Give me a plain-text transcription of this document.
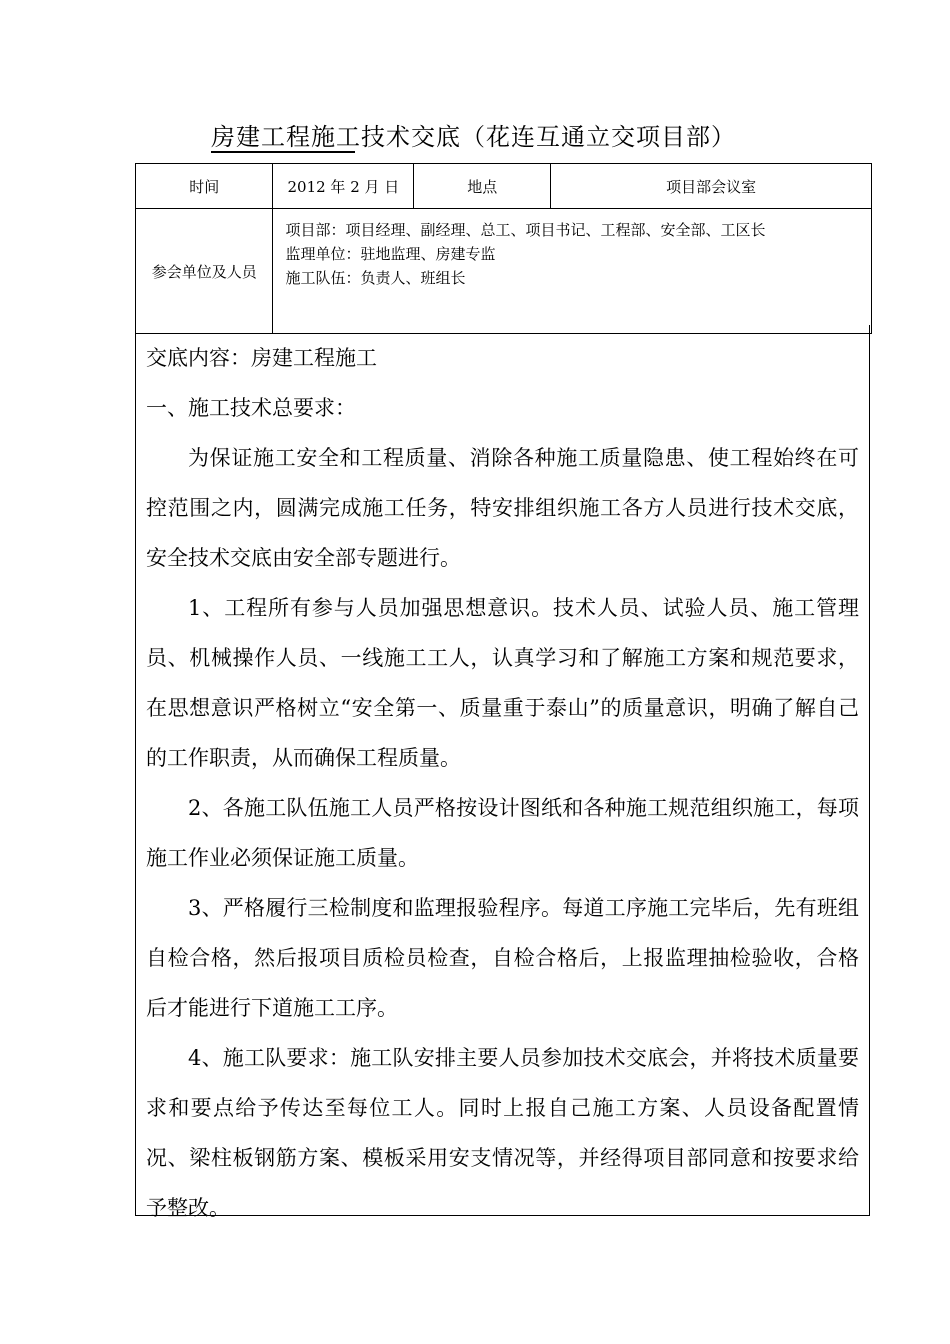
房建工程施工技术交底（花连互通立交项目部）
时间	2012 年 2 月 日	地点	项目部会议室
参会单位及人员	项目部：项目经理、副经理、总工、项目书记、工程部、安全部、工区长
监理单位：驻地监理、房建专监
施工队伍：负责人、班组长		

交底内容：房建工程施工

一、施工技术总要求：

为保证施工安全和工程质量、消除各种施工质量隐患、使工程始终在可控范围之内，圆满完成施工任务，特安排组织施工各方人员进行技术交底，安全技术交底由安全部专题进行。

1、工程所有参与人员加强思想意识。技术人员、试验人员、施工管理员、机械操作人员、一线施工工人，认真学习和了解施工方案和规范要求，在思想意识严格树立“安全第一、质量重于泰山”的质量意识，明确了解自己的工作职责，从而确保工程质量。

2、各施工队伍施工人员严格按设计图纸和各种施工规范组织施工，每项施工作业必须保证施工质量。

3、严格履行三检制度和监理报验程序。每道工序施工完毕后，先有班组自检合格，然后报项目质检员检查，自检合格后，上报监理抽检验收，合格后才能进行下道施工工序。

4、施工队要求：施工队安排主要人员参加技术交底会，并将技术质量要求和要点给予传达至每位工人。同时上报自己施工方案、人员设备配置情况、梁柱板钢筋方案、模板采用安支情况等，并经得项目部同意和按要求给予整改。
